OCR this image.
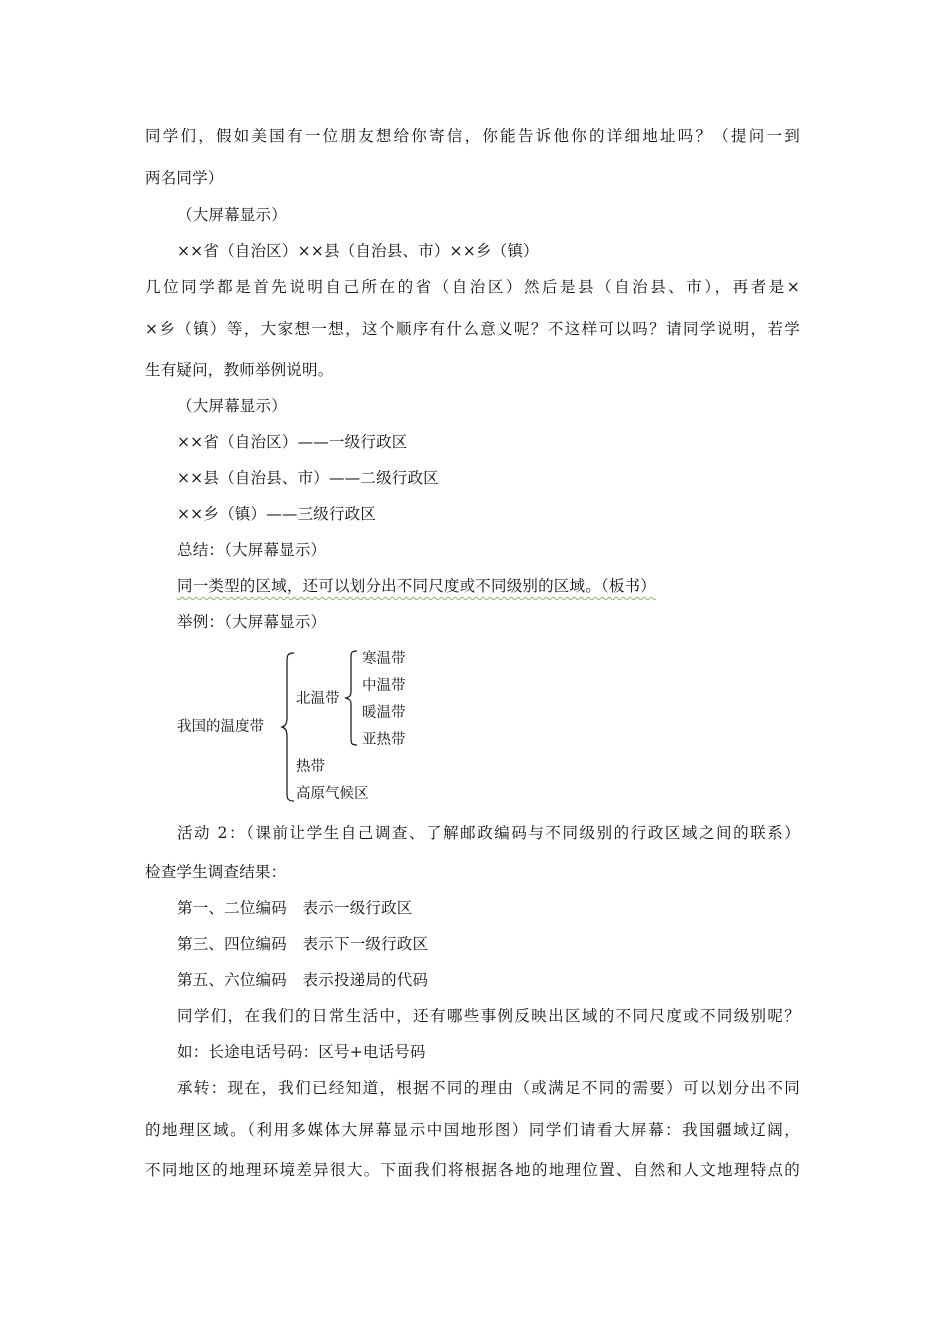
同学们，假如美国有一位朋友想给你寄信，你能告诉他你的详细地址吗？（提问一到
两名同学）
（大屏幕显示）
××省（自治区）××县（自治县、市）××乡（镇）
几位同学都是首先说明自己所在的省（自治区）然后是县（自治县、市），再者是×
×乡（镇）等，大家想一想，这个顺序有什么意义呢？不这样可以吗？请同学说明，若学
生有疑问，教师举例说明。
（大屏幕显示）
××省（自治区）——一级行政区
××县（自治县、市）——二级行政区
××乡（镇）——三级行政区
总结：（大屏幕显示）
同一类型的区域，还可以划分出不同尺度或不同级别的区域。（板书）
举例：（大屏幕显示）
我国的温度带
北温带
寒温带
中温带
暖温带
亚热带
热带
高原气候区
活动 2：（课前让学生自己调查、了解邮政编码与不同级别的行政区域之间的联系）
检查学生调查结果：
第一、二位编码　表示一级行政区
第三、四位编码　表示下一级行政区
第五、六位编码　表示投递局的代码
同学们，在我们的日常生活中，还有哪些事例反映出区域的不同尺度或不同级别呢？
如：长途电话号码：区号+电话号码
承转：现在，我们已经知道，根据不同的理由（或满足不同的需要）可以划分出不同
的地理区域。（利用多媒体大屏幕显示中国地形图）同学们请看大屏幕：我国疆域辽阔，
不同地区的地理环境差异很大。下面我们将根据各地的地理位置、自然和人文地理特点的
